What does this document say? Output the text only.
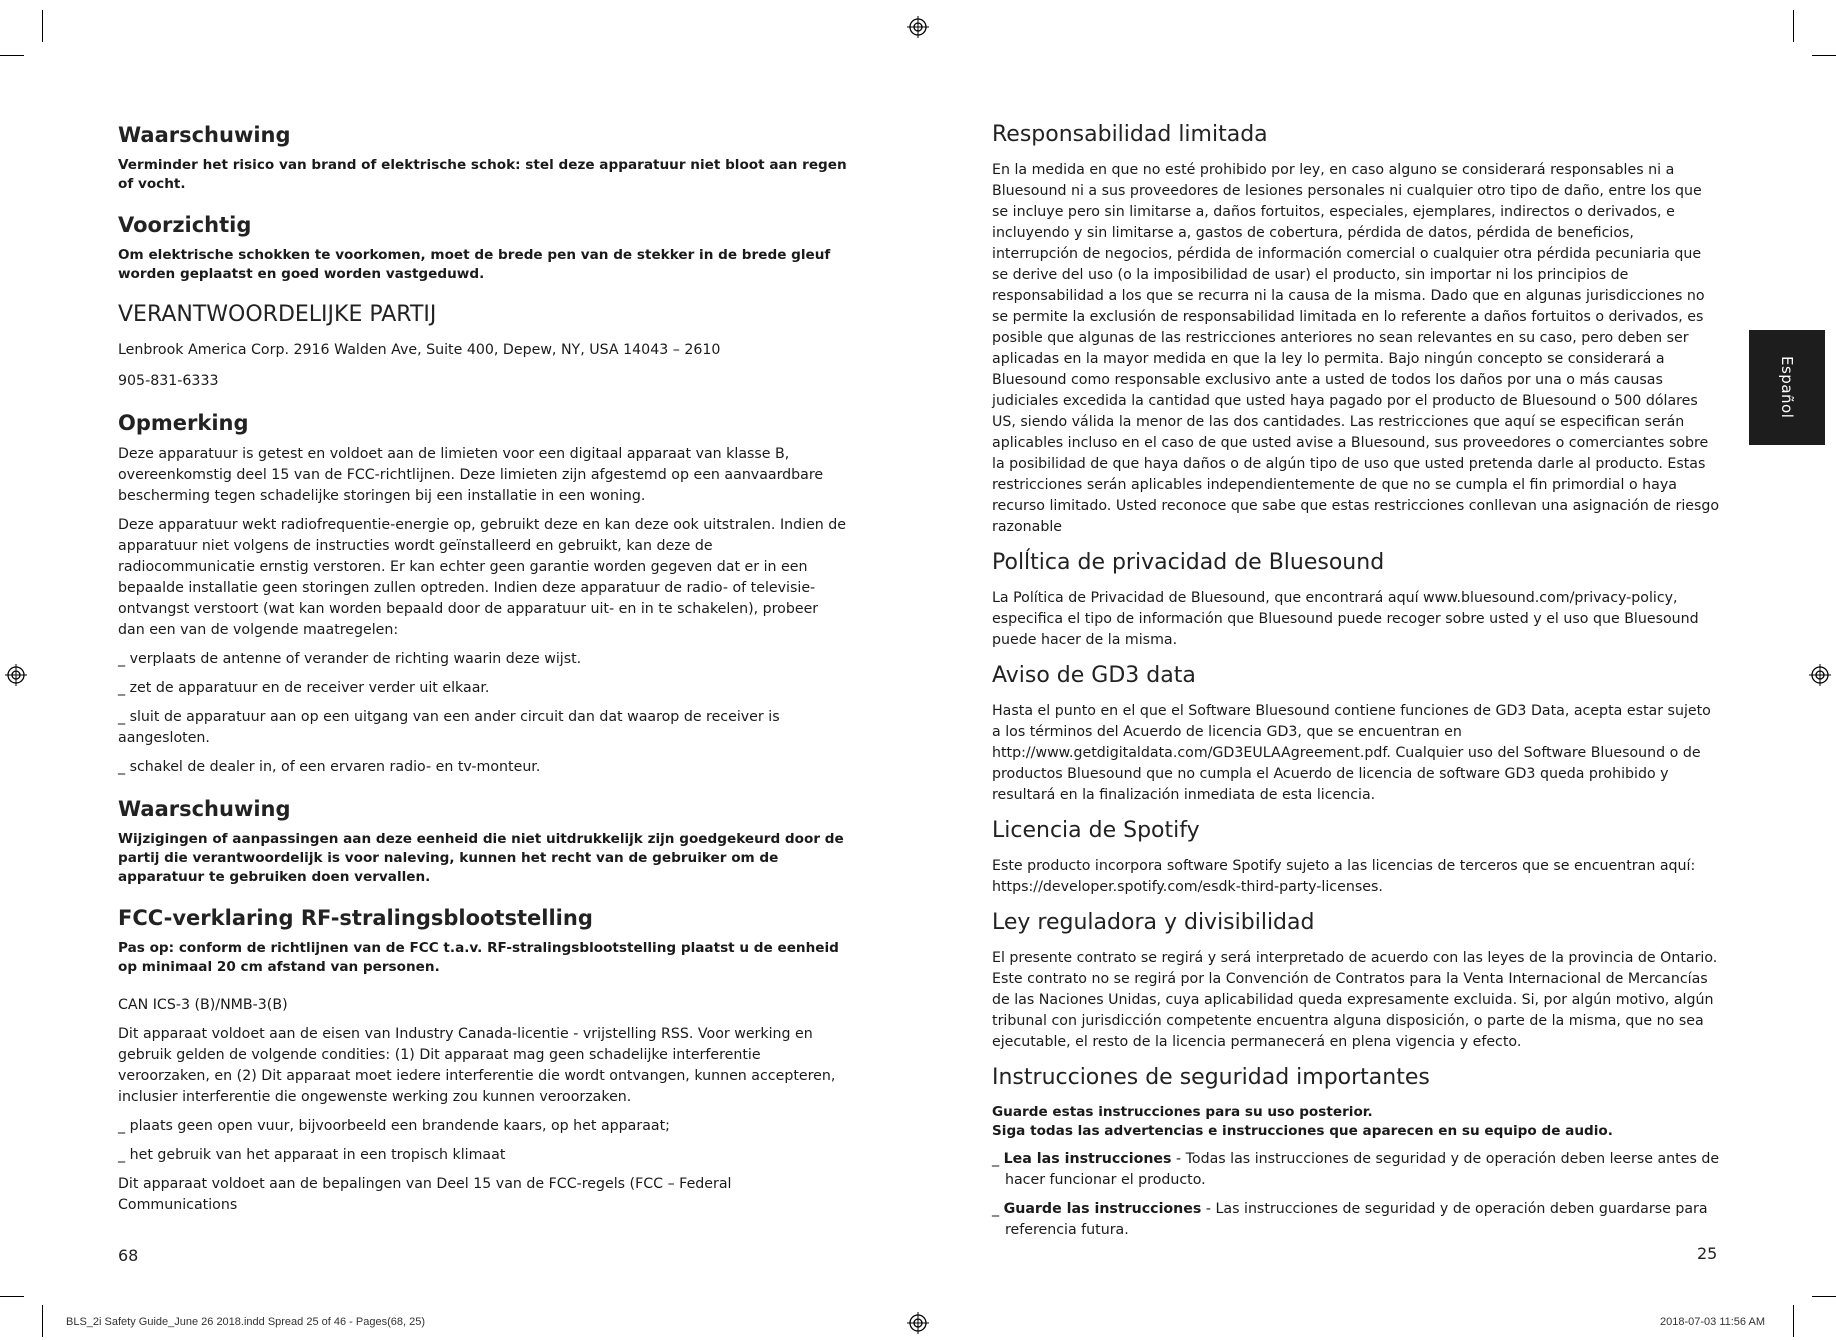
Waarschuwing

Verminder het risico van brand of elektrische schok: stel deze apparatuur niet bloot aan regen of vocht.

Voorzichtig

Om elektrische schokken te voorkomen, moet de brede pen van de stekker in de brede gleuf worden geplaatst en goed worden vastgeduwd.

VERANTWOORDELIJKE PARTIJ

Lenbrook America Corp. 2916 Walden Ave, Suite 400, Depew, NY, USA 14043 – 2610

905-831-6333

Opmerking

Deze apparatuur is getest en voldoet aan de limieten voor een digitaal apparaat van klasse B, overeenkomstig deel 15 van de FCC-richtlijnen. Deze limieten zijn afgestemd op een aanvaardbare bescherming tegen schadelijke storingen bij een installatie in een woning.

Deze apparatuur wekt radiofrequentie-energie op, gebruikt deze en kan deze ook uitstralen. Indien de apparatuur niet volgens de instructies wordt geïnstalleerd en gebruikt, kan deze de radiocommunicatie ernstig verstoren. Er kan echter geen garantie worden gegeven dat er in een bepaalde installatie geen storingen zullen optreden. Indien deze apparatuur de radio- of televisie-ontvangst verstoort (wat kan worden bepaald door de apparatuur uit- en in te schakelen), probeer dan een van de volgende maatregelen:

_ verplaats de antenne of verander de richting waarin deze wijst.

_ zet de apparatuur en de receiver verder uit elkaar.

_ sluit de apparatuur aan op een uitgang van een ander circuit dan dat waarop de receiver is aangesloten.

_ schakel de dealer in, of een ervaren radio- en tv-monteur.

Waarschuwing

Wijzigingen of aanpassingen aan deze eenheid die niet uitdrukkelijk zijn goedgekeurd door de partij die verantwoordelijk is voor naleving, kunnen het recht van de gebruiker om de apparatuur te gebruiken doen vervallen.

FCC-verklaring RF-stralingsblootstelling

Pas op: conform de richtlijnen van de FCC t.a.v. RF-stralingsblootstelling plaatst u de eenheid op minimaal 20 cm afstand van personen.

CAN ICS-3 (B)/NMB-3(B)

Dit apparaat voldoet aan de eisen van Industry Canada-licentie - vrijstelling RSS. Voor werking en gebruik gelden de volgende condities: (1) Dit apparaat mag geen schadelijke interferentie veroorzaken, en (2) Dit apparaat moet iedere interferentie die wordt ontvangen, kunnen accepteren, inclusier interferentie die ongewenste werking zou kunnen veroorzaken.

_ plaats geen open vuur, bijvoorbeeld een brandende kaars, op het apparaat;

_ het gebruik van het apparaat in een tropisch klimaat

Dit apparaat voldoet aan de bepalingen van Deel 15 van de FCC-regels (FCC – Federal Communications

68
Responsabilidad limitada

En la medida en que no esté prohibido por ley, en caso alguno se considerará responsables ni a Bluesound ni a sus proveedores de lesiones personales ni cualquier otro tipo de daño, entre los que se incluye pero sin limitarse a, daños fortuitos, especiales, ejemplares, indirectos o derivados, e incluyendo y sin limitarse a, gastos de cobertura, pérdida de datos, pérdida de beneficios, interrupción de negocios, pérdida de información comercial o cualquier otra pérdida pecuniaria que se derive del uso (o la imposibilidad de usar) el producto, sin importar ni los principios de responsabilidad a los que se recurra ni la causa de la misma. Dado que en algunas jurisdicciones no se permite la exclusión de responsabilidad limitada en lo referente a daños fortuitos o derivados, es posible que algunas de las restricciones anteriores no sean relevantes en su caso, pero deben ser aplicadas en la mayor medida en que la ley lo permita. Bajo ningún concepto se considerará a Bluesound como responsable exclusivo ante a usted de todos los daños por una o más causas judiciales excedida la cantidad que usted haya pagado por el producto de Bluesound o 500 dólares US, siendo válida la menor de las dos cantidades. Las restricciones que aquí se especifican serán aplicables incluso en el caso de que usted avise a Bluesound, sus proveedores o comerciantes sobre la posibilidad de que haya daños o de algún tipo de uso que usted pretenda darle al producto. Estas restricciones serán aplicables independientemente de que no se cumpla el fin primordial o haya recurso limitado. Usted reconoce que sabe que estas restricciones conllevan una asignación de riesgo razonable

Polĺtica de privacidad de Bluesound

La Política de Privacidad de Bluesound, que encontrará aquí www.bluesound.com/privacy-policy, especifica el tipo de información que Bluesound puede recoger sobre usted y el uso que Bluesound puede hacer de la misma.

Aviso de GD3 data

Hasta el punto en el que el Software Bluesound contiene funciones de GD3 Data, acepta estar sujeto a los términos del Acuerdo de licencia GD3, que se encuentran en http://www.getdigitaldata.com/GD3EULAAgreement.pdf. Cualquier uso del Software Bluesound o de productos Bluesound que no cumpla el Acuerdo de licencia de software GD3 queda prohibido y resultará en la finalización inmediata de esta licencia.

Licencia de Spotify

Este producto incorpora software Spotify sujeto a las licencias de terceros que se encuentran aquí: https://developer.spotify.com/esdk-third-party-licenses.

Ley reguladora y divisibilidad

El presente contrato se regirá y será interpretado de acuerdo con las leyes de la provincia de Ontario. Este contrato no se regirá por la Convención de Contratos para la Venta Internacional de Mercancías de las Naciones Unidas, cuya aplicabilidad queda expresamente excluida. Si, por algún motivo, algún tribunal con jurisdicción competente encuentra alguna disposición, o parte de la misma, que no sea ejecutable, el resto de la licencia permanecerá en plena vigencia y efecto.

Instrucciones de seguridad importantes

Guarde estas instrucciones para su uso posterior.

Siga todas las advertencias e instrucciones que aparecen en su equipo de audio.

_ Lea las instrucciones - Todas las instrucciones de seguridad y de operación deben leerse antes de hacer funcionar el producto.

_ Guarde las instrucciones - Las instrucciones de seguridad y de operación deben guardarse para referencia futura.

25
Español
BLS_2i Safety Guide_June 26 2018.indd Spread 25 of 46 - Pages(68, 25)	2018-07-03 11:56 AM
